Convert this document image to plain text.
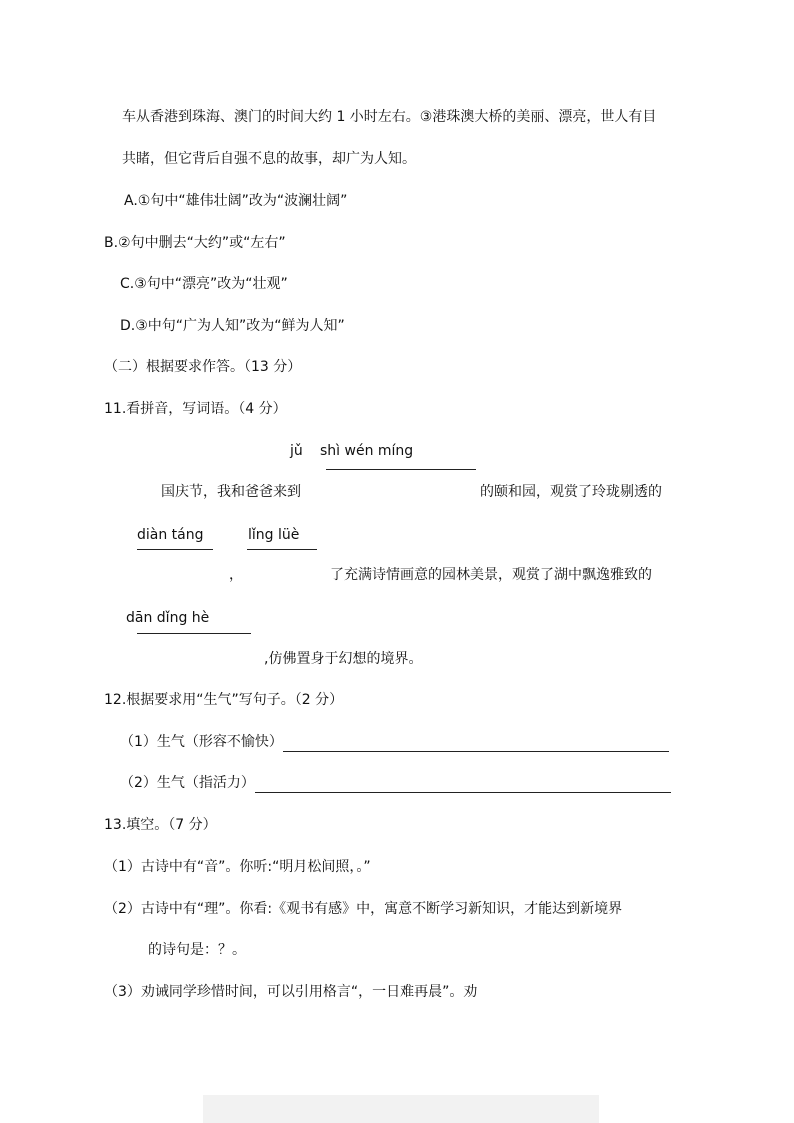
车从香港到珠海、澳门的时间大约 1 小时左右。③港珠澳大桥的美丽、漂亮，世人有目
共睹，但它背后自强不息的故事，却广为人知。
A.①句中“雄伟壮阔”改为“波澜壮阔”
B.②句中删去“大约”或“左右”
C.③句中“漂亮”改为“壮观”
D.③中句“广为人知”改为“鲜为人知”
（二）根据要求作答。（13 分）
11.看拼音，写词语。（4 分）
jǔ shì wén míng
国庆节，我和爸爸来到	的颐和园，观赏了玲珑剔透的
diàn táng	lǐng lüè
，	了充满诗情画意的园林美景，观赏了湖中飘逸雅致的
dān dǐng hè
,仿佛置身于幻想的境界。
12.根据要求用“生气”写句子。（2 分）
（1）生气（形容不愉快）
（2）生气（指活力）
13.填空。（7 分）
（1）古诗中有“音”。你听:“明月松间照，。”
（2）古诗中有“理”。你看:《观书有感》中，寓意不断学习新知识，才能达到新境界
的诗句是：？。
（3）劝诫同学珍惜时间，可以引用格言“，一日难再晨”。劝
